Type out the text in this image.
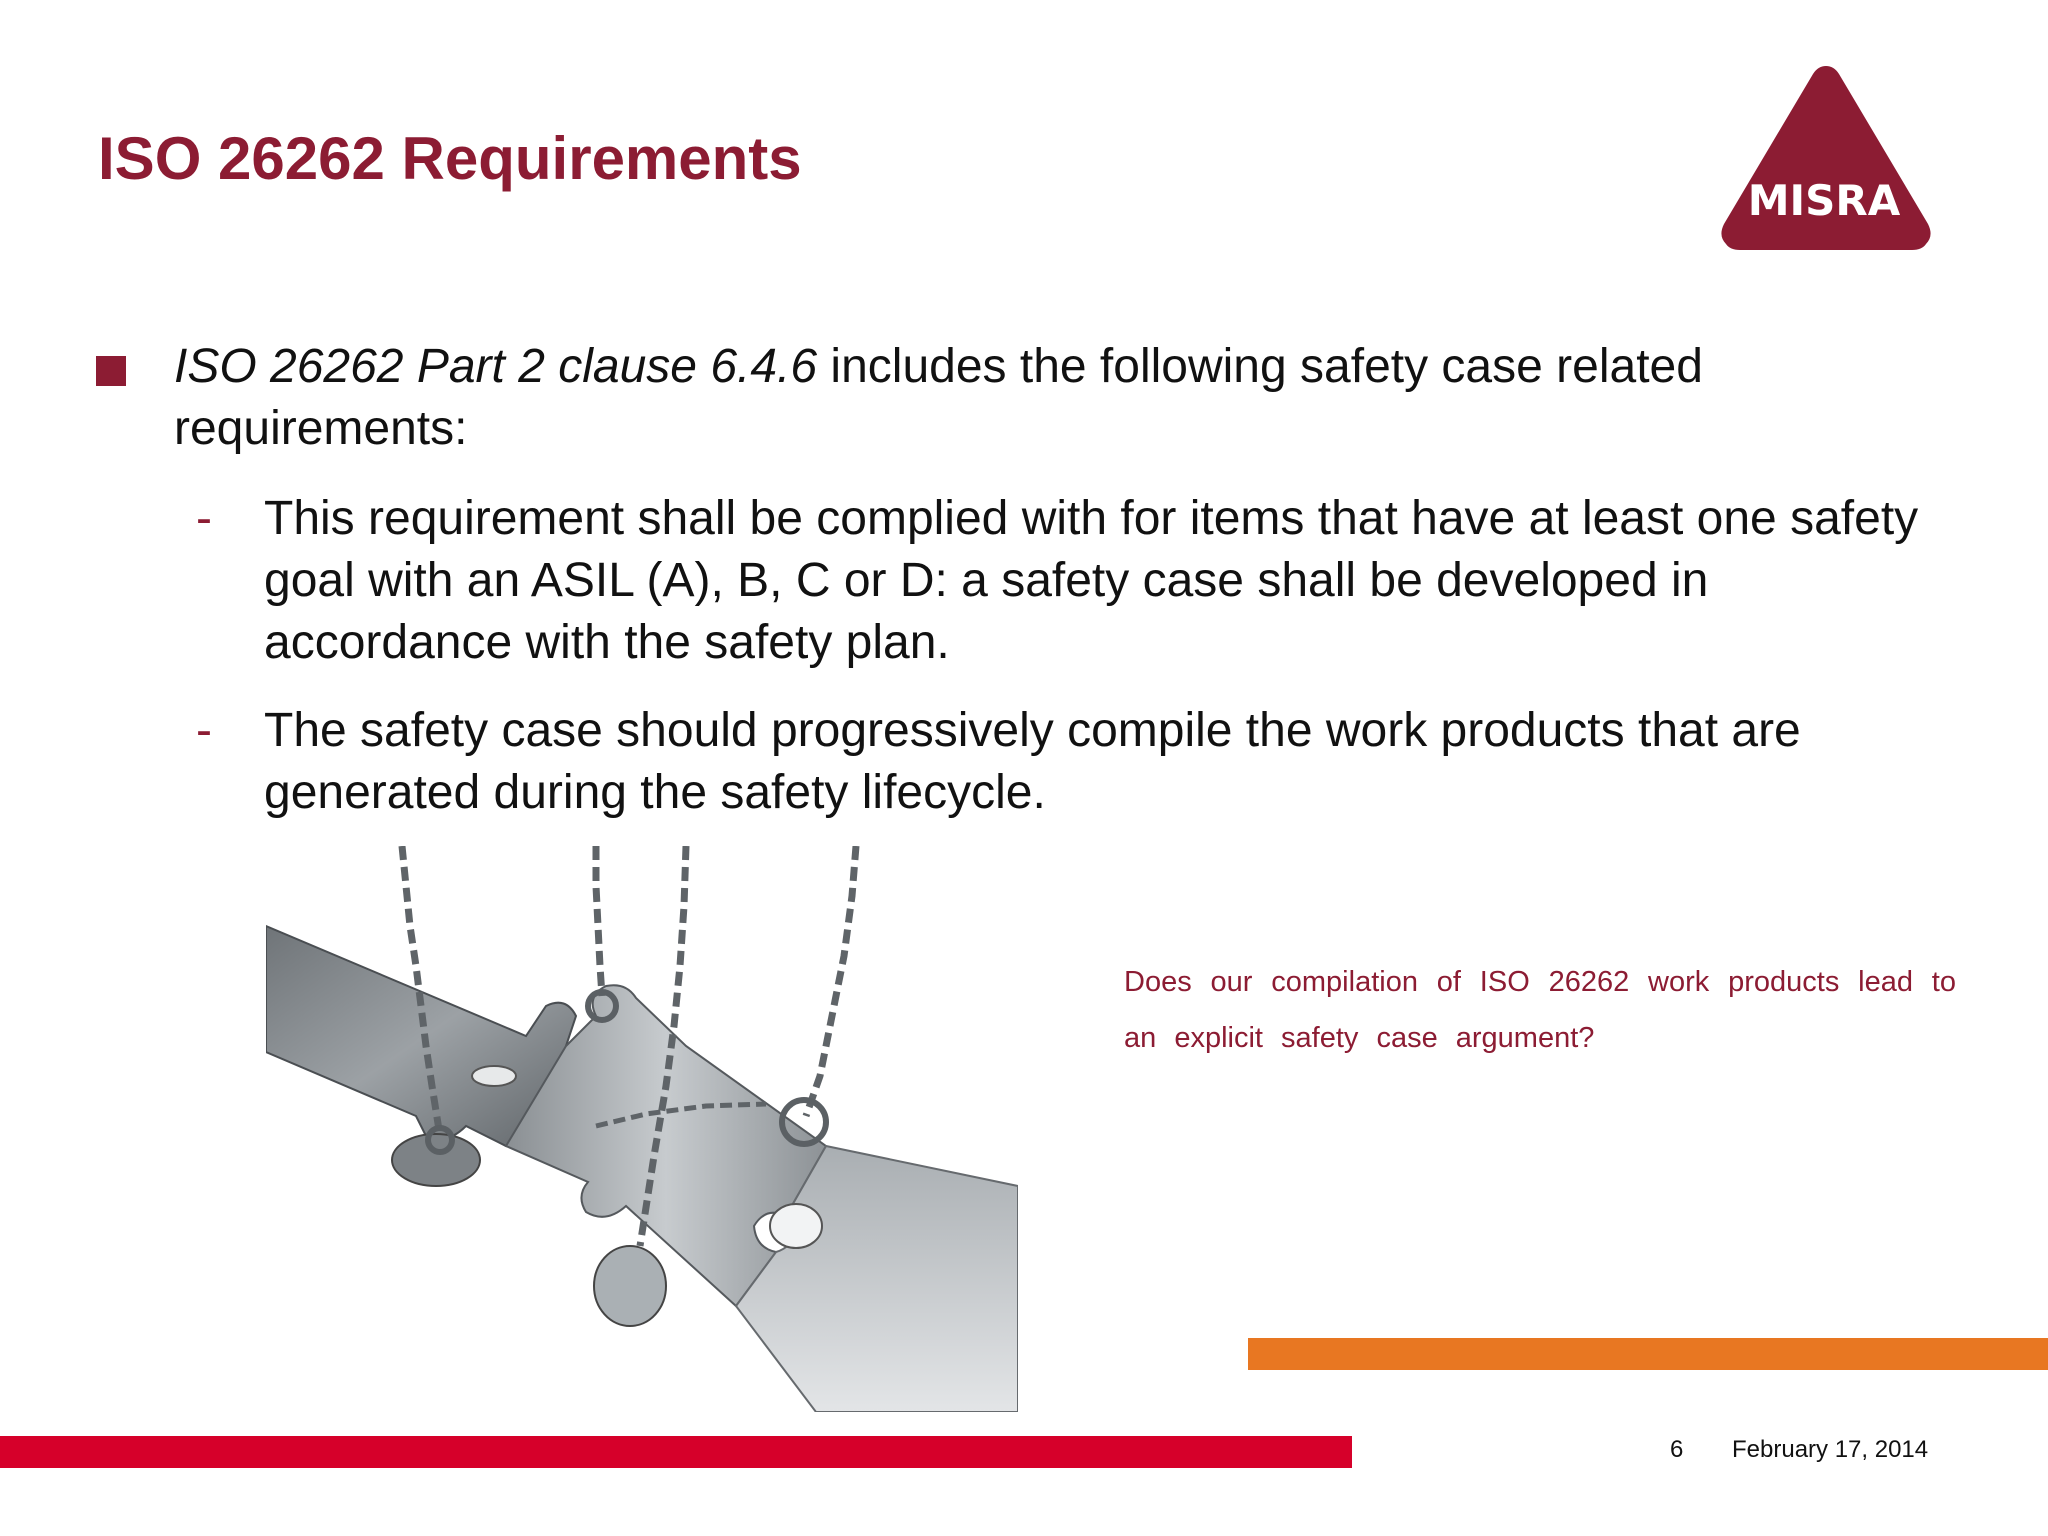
ISO 26262 Requirements
MISRA
ISO 26262 Part 2 clause 6.4.6 includes the following safety case related requirements:
- This requirement shall be complied with for items that have at least one safety goal with an ASIL (A), B, C or D: a safety case shall be developed in accordance with the safety plan.
- The safety case should progressively compile the work products that are generated during the safety lifecycle.
Does our compilation of ISO 26262 work products lead to an explicit safety case argument?
6 February 17, 2014
